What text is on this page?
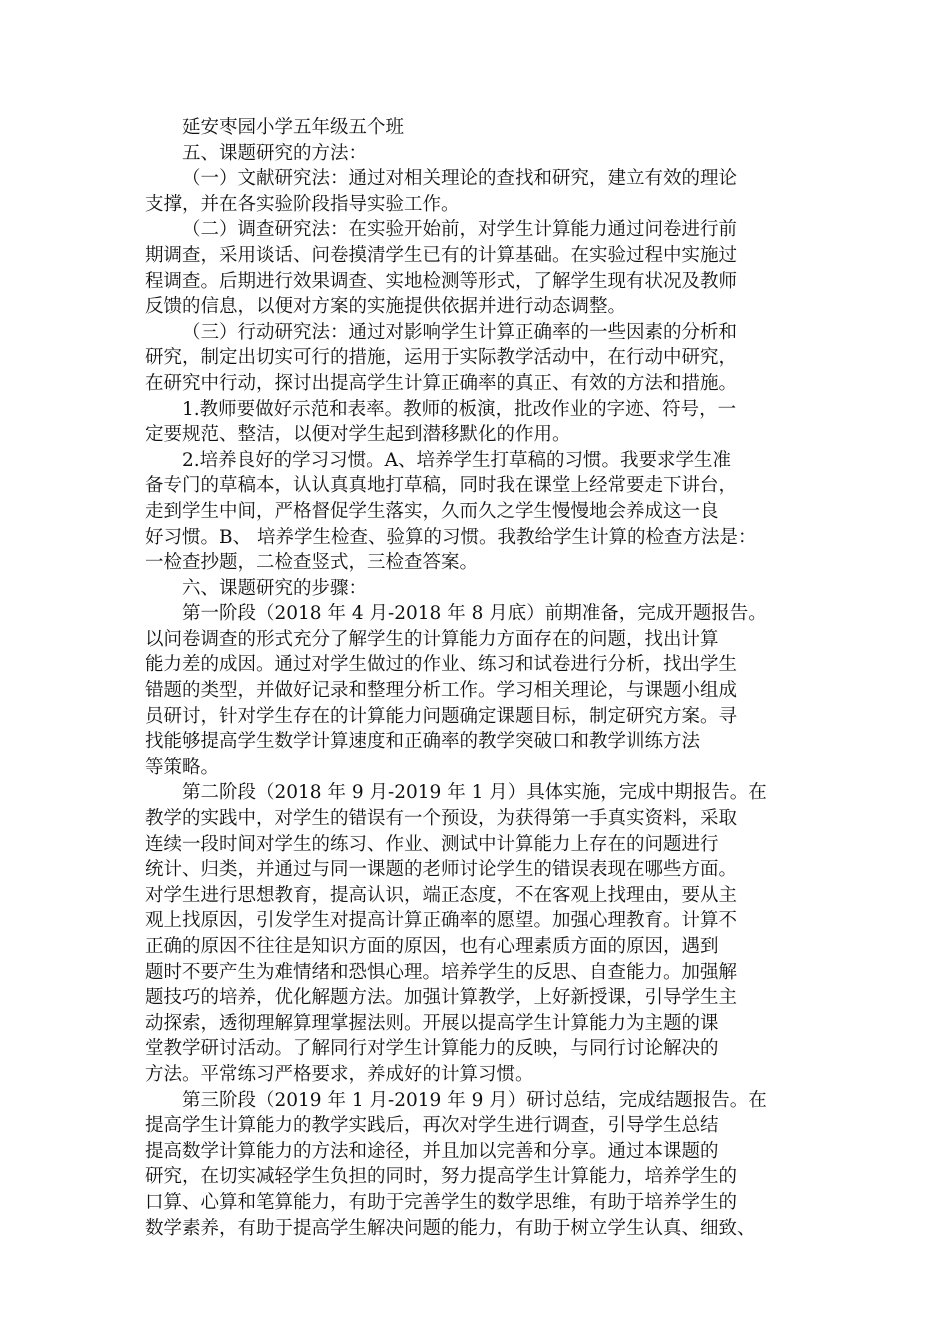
延安枣园小学五年级五个班
五、课题研究的方法：
（一）文献研究法：通过对相关理论的查找和研究，建立有效的理论
支撑，并在各实验阶段指导实验工作。
（二）调查研究法：在实验开始前，对学生计算能力通过问卷进行前
期调查，采用谈话、问卷摸清学生已有的计算基础。在实验过程中实施过
程调查。后期进行效果调查、实地检测等形式，了解学生现有状况及教师
反馈的信息，以便对方案的实施提供依据并进行动态调整。
（三）行动研究法：通过对影响学生计算正确率的一些因素的分析和
研究，制定出切实可行的措施，运用于实际教学活动中，在行动中研究，
在研究中行动，探讨出提高学生计算正确率的真正、有效的方法和措施。
1.教师要做好示范和表率。教师的板演，批改作业的字迹、符号，一
定要规范、整洁，以便对学生起到潜移默化的作用。
2.培养良好的学习习惯。A、培养学生打草稿的习惯。我要求学生准
备专门的草稿本，认认真真地打草稿，同时我在课堂上经常要走下讲台，
走到学生中间，严格督促学生落实，久而久之学生慢慢地会养成这一良
好习惯。B、 培养学生检查、验算的习惯。我教给学生计算的检查方法是：
一检查抄题，二检查竖式，三检查答案。
六、课题研究的步骤：
第一阶段（2018 年 4 月-2018 年 8 月底）前期准备，完成开题报告。
以问卷调查的形式充分了解学生的计算能力方面存在的问题，找出计算
能力差的成因。通过对学生做过的作业、练习和试卷进行分析，找出学生
错题的类型，并做好记录和整理分析工作。学习相关理论，与课题小组成
员研讨，针对学生存在的计算能力问题确定课题目标，制定研究方案。寻
找能够提高学生数学计算速度和正确率的教学突破口和教学训练方法
等策略。
第二阶段（2018 年 9 月-2019 年 1 月）具体实施，完成中期报告。在
教学的实践中，对学生的错误有一个预设，为获得第一手真实资料，采取
连续一段时间对学生的练习、作业、测试中计算能力上存在的问题进行
统计、归类，并通过与同一课题的老师讨论学生的错误表现在哪些方面。
对学生进行思想教育，提高认识，端正态度，不在客观上找理由，要从主
观上找原因，引发学生对提高计算正确率的愿望。加强心理教育。计算不
正确的原因不往往是知识方面的原因，也有心理素质方面的原因，遇到
题时不要产生为难情绪和恐惧心理。培养学生的反思、自查能力。加强解
题技巧的培养，优化解题方法。加强计算教学，上好新授课，引导学生主
动探索，透彻理解算理掌握法则。开展以提高学生计算能力为主题的课
堂教学研讨活动。了解同行对学生计算能力的反映，与同行讨论解决的
方法。平常练习严格要求，养成好的计算习惯。
第三阶段（2019 年 1 月-2019 年 9 月）研讨总结，完成结题报告。在
提高学生计算能力的教学实践后，再次对学生进行调查，引导学生总结
提高数学计算能力的方法和途径，并且加以完善和分享。通过本课题的
研究，在切实减轻学生负担的同时，努力提高学生计算能力，培养学生的
口算、心算和笔算能力，有助于完善学生的数学思维，有助于培养学生的
数学素养，有助于提高学生解决问题的能力，有助于树立学生认真、细致、
